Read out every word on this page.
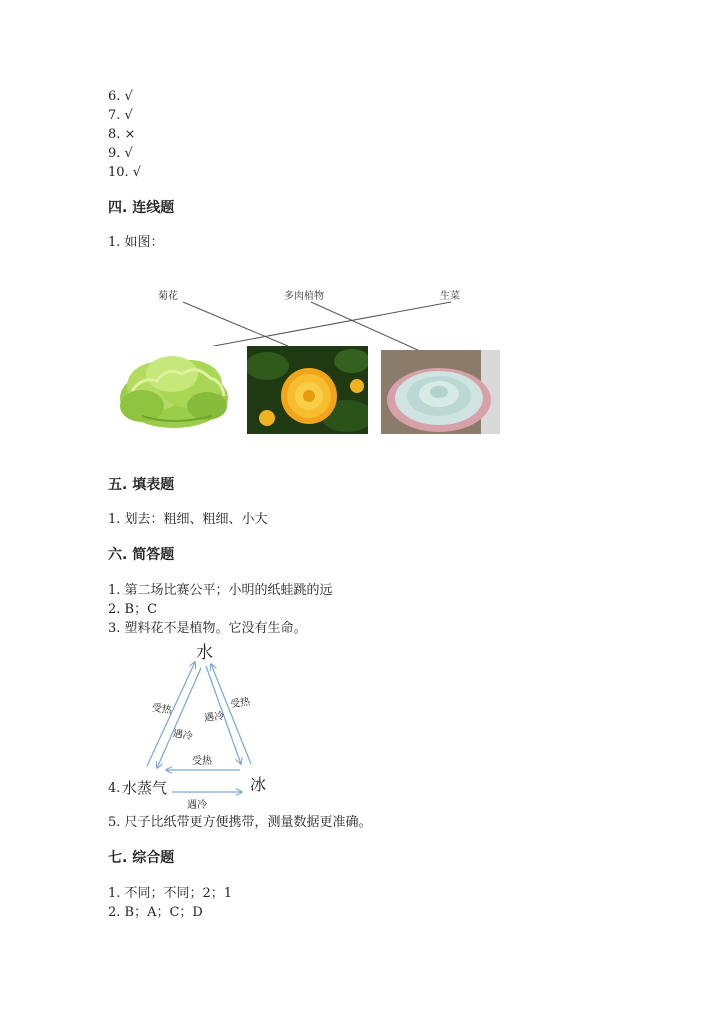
6. √
7. √
8. ×
9. √
10. √
四. 连线题
1. 如图：
菊花	多肉植物	生菜
五. 填表题
1. 划去：粗细、粗细、小大
六. 简答题
1. 第二场比赛公平；小明的纸蛙跳的远
2. B；C
3. 塑料花不是植物。它没有生命。
水
4. 水蒸气	冰
受热
遇冷
受热
遇冷
受热
遇冷
5. 尺子比纸带更方便携带，测量数据更准确。
七. 综合题
1. 不同；不同；2；1
2. B；A；C；D
